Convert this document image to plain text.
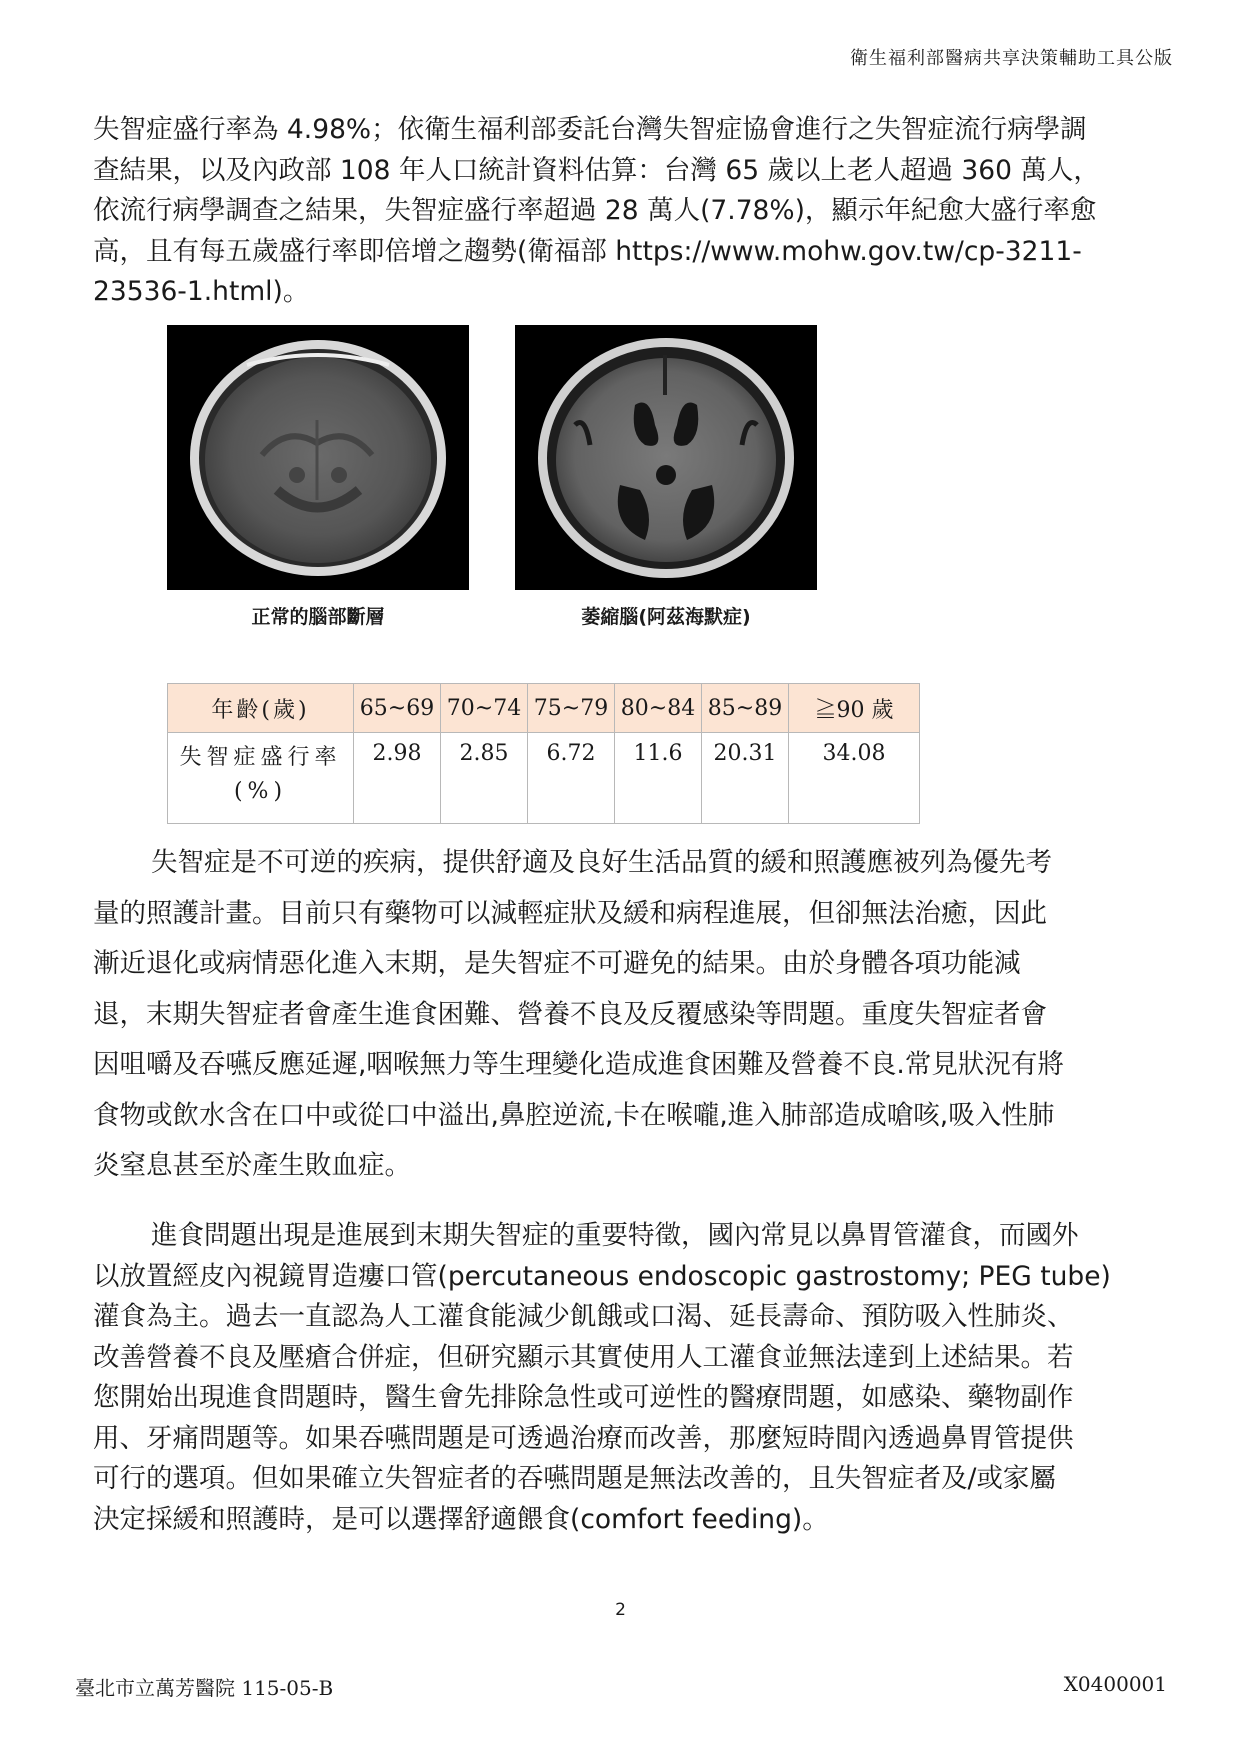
衛生福利部醫病共享決策輔助工具公版

失智症盛行率為 4.98%；依衛生福利部委託台灣失智症協會進行之失智症流行病學調
查結果，以及內政部 108 年人口統計資料估算：台灣 65 歲以上老人超過 360 萬人，
依流行病學調查之結果，失智症盛行率超過 28 萬人(7.78%)，顯示年紀愈大盛行率愈
高，且有每五歲盛行率即倍增之趨勢(衛福部 https://www.mohw.gov.tw/cp-3211-
23536-1.html)。

正常的腦部斷層	萎縮腦(阿茲海默症)
年齡(歲)	65~69	70~74	75~79	80~84	85~89	≧90 歲

失智症盛行率
(%)	2.98	2.85	6.72	11.6	20.31	34.08

失智症是不可逆的疾病，提供舒適及良好生活品質的緩和照護應被列為優先考
量的照護計畫。目前只有藥物可以減輕症狀及緩和病程進展，但卻無法治癒，因此
漸近退化或病情惡化進入末期，是失智症不可避免的結果。由於身體各項功能減
退，末期失智症者會產生進食困難、營養不良及反覆感染等問題。重度失智症者會
因咀嚼及吞嚥反應延遲,咽喉無力等生理變化造成進食困難及營養不良.常見狀況有將
食物或飲水含在口中或從口中溢出,鼻腔逆流,卡在喉嚨,進入肺部造成嗆咳,吸入性肺
炎窒息甚至於產生敗血症。

進食問題出現是進展到末期失智症的重要特徵，國內常見以鼻胃管灌食，而國外
以放置經皮內視鏡胃造瘻口管(percutaneous endoscopic gastrostomy; PEG tube)
灌食為主。過去一直認為人工灌食能減少飢餓或口渴、延長壽命、預防吸入性肺炎、
改善營養不良及壓瘡合併症，但研究顯示其實使用人工灌食並無法達到上述結果。若
您開始出現進食問題時，醫生會先排除急性或可逆性的醫療問題，如感染、藥物副作
用、牙痛問題等。如果吞嚥問題是可透過治療而改善，那麼短時間內透過鼻胃管提供
可行的選項。但如果確立失智症者的吞嚥問題是無法改善的，且失智症者及/或家屬
決定採緩和照護時，是可以選擇舒適餵食(comfort feeding)。

2
臺北市立萬芳醫院 115-05-B	X0400001
